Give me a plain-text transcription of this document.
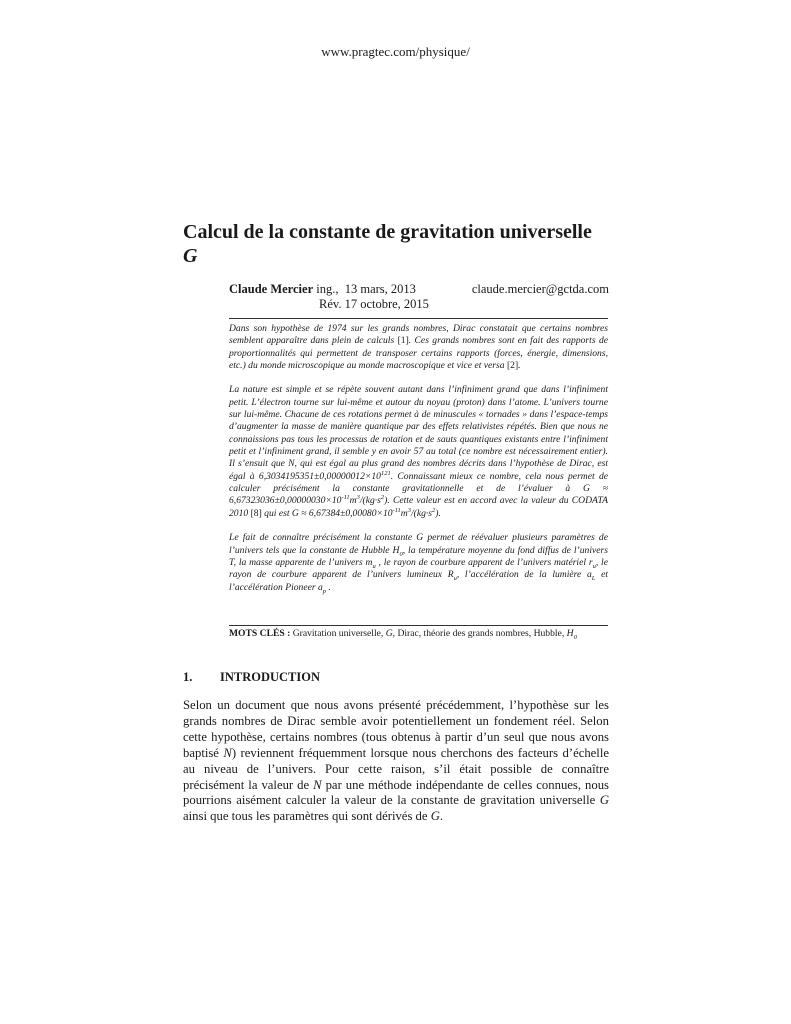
www.pragtec.com/physique/
Calcul de la constante de gravitation universelle G
Claude Mercier ing., 13 mars, 2013	claude.mercier@gctda.com
Rév. 17 octobre, 2015

Dans son hypothèse de 1974 sur les grands nombres, Dirac constatait que certains nombres semblent apparaître dans plein de calculs [1]. Ces grands nombres sont en fait des rapports de proportionnalités qui permettent de transposer certains rapports (forces, énergie, dimensions, etc.) du monde microscopique au monde macroscopique et vice et versa [2].

La nature est simple et se répète souvent autant dans l’infiniment grand que dans l’infiniment petit. L’électron tourne sur lui-même et autour du noyau (proton) dans l’atome. L’univers tourne sur lui-même. Chacune de ces rotations permet à de minuscules « tornades » dans l’espace-temps d’augmenter la masse de manière quantique par des effets relativistes répétés. Bien que nous ne connaissions pas tous les processus de rotation et de sauts quantiques existants entre l’infiniment petit et l’infiniment grand, il semble y en avoir 57 au total (ce nombre est nécessairement entier). Il s’ensuit que N, qui est égal au plus grand des nombres décrits dans l’hypothèse de Dirac, est égal à $6,3034195351\pm 0,00000012\times 10^{121}$. Connaissant mieux ce nombre, cela nous permet de calculer précisément la constante gravitationnelle et de l’évaluer à $G \approx 6,67323036\pm 0,00000030\times 10^{-11}m^3/(kg\cdot s^2)$. Cette valeur est en accord avec la valeur du CODATA 2010 [8] qui est $G \approx 6,67384\pm 0,00080\times 10^{-11}m^3/(kg\cdot s^2)$.

Le fait de connaître précisément la constante G permet de réévaluer plusieurs paramètres de l’univers tels que la constante de Hubble $H_0$, la température moyenne du fond diffus de l’univers T, la masse apparente de l’univers $m_u$ , le rayon de courbure apparent de l’univers matériel $r_u$, le rayon de courbure apparent de l’univers lumineux $R_u$, l’accélération de la lumière $a_L$ et l’accélération Pioneer $a_p$ .

MOTS CLÉS : Gravitation universelle, G, Dirac, théorie des grands nombres, Hubble, $H_0$
1. INTRODUCTION

Selon un document que nous avons présenté précédemment, l’hypothèse sur les grands nombres de Dirac semble avoir potentiellement un fondement réel. Selon cette hypothèse, certains nombres (tous obtenus à partir d’un seul que nous avons baptisé N) reviennent fréquemment lorsque nous cherchons des facteurs d’échelle au niveau de l’univers. Pour cette raison, s’il était possible de connaître précisément la valeur de N par une méthode indépendante de celles connues, nous pourrions aisément calculer la valeur de la constante de gravitation universelle G ainsi que tous les paramètres qui sont dérivés de G.
